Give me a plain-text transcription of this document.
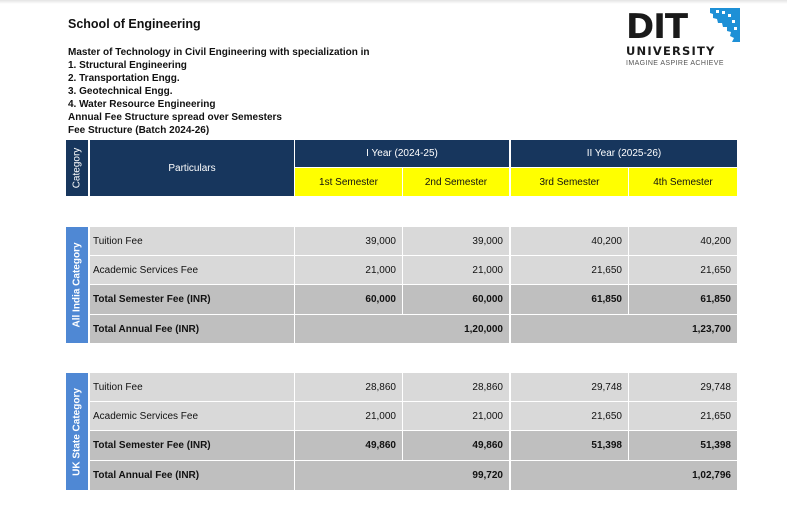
School of Engineering
Master of Technology in Civil Engineering with specialization in
1. Structural Engineering
2. Transportation Engg.
3. Geotechnical Engg.
4. Water Resource Engineering
Annual Fee Structure spread over Semesters
Fee Structure (Batch 2024-26)
DIT
UNIVERSITY
IMAGINE ASPIRE ACHIEVE
Category	Particulars
I Year (2024-25)	II Year (2025-26)
1st Semester	2nd Semester	3rd Semester	4th Semester
All India Category
Tuition Fee	39,000	39,000	40,200	40,200
Academic Services Fee	21,000	21,000	21,650	21,650
Total Semester Fee (INR)	60,000	60,000	61,850	61,850
Total Annual Fee (INR)	1,20,000	1,23,700
UK State Category
Tuition Fee	28,860	28,860	29,748	29,748
Academic Services Fee	21,000	21,000	21,650	21,650
Total Semester Fee (INR)	49,860	49,860	51,398	51,398
Total Annual Fee (INR)	99,720	1,02,796
